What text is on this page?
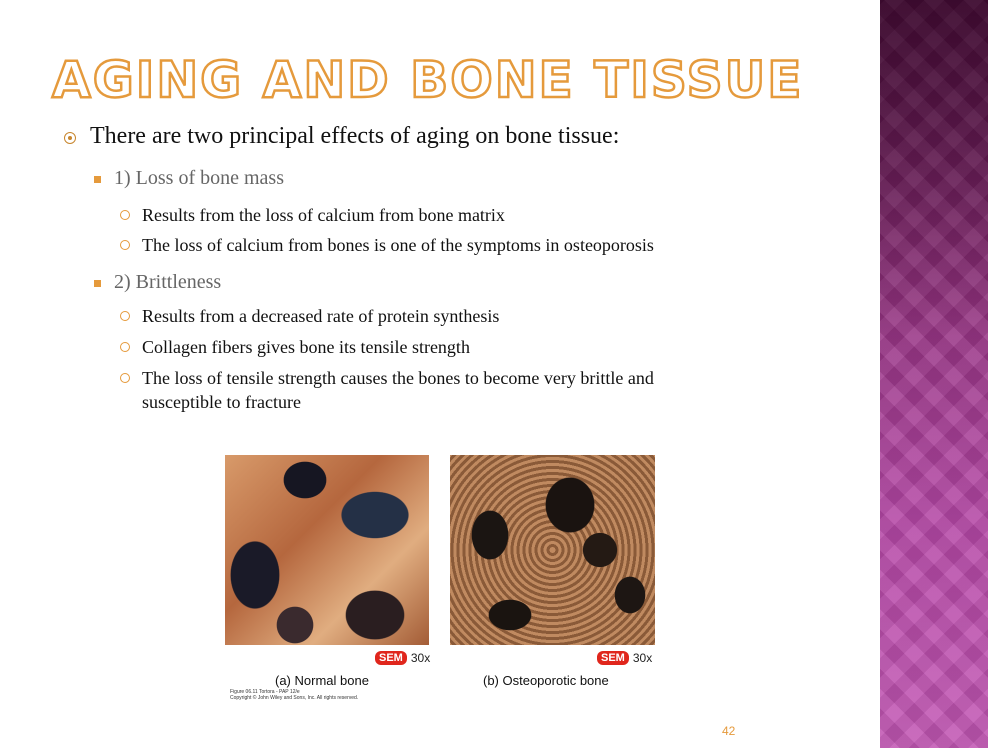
AGING AND BONE TISSUE
There are two principal effects of aging on bone tissue:
1) Loss of bone mass
Results from the loss of calcium from bone matrix
The loss of calcium from bones is one of the symptoms in osteoporosis
2) Brittleness
Results from a decreased rate of protein synthesis
Collagen fibers gives bone its tensile strength
The loss of tensile strength causes the bones to become very brittle and
susceptible to fracture
SEM 30x	SEM 30x
(a) Normal bone	(b) Osteoporotic bone
Figure 06.11 Tortora - PAP 12/e
Copyright © John Wiley and Sons, Inc. All rights reserved.
42
